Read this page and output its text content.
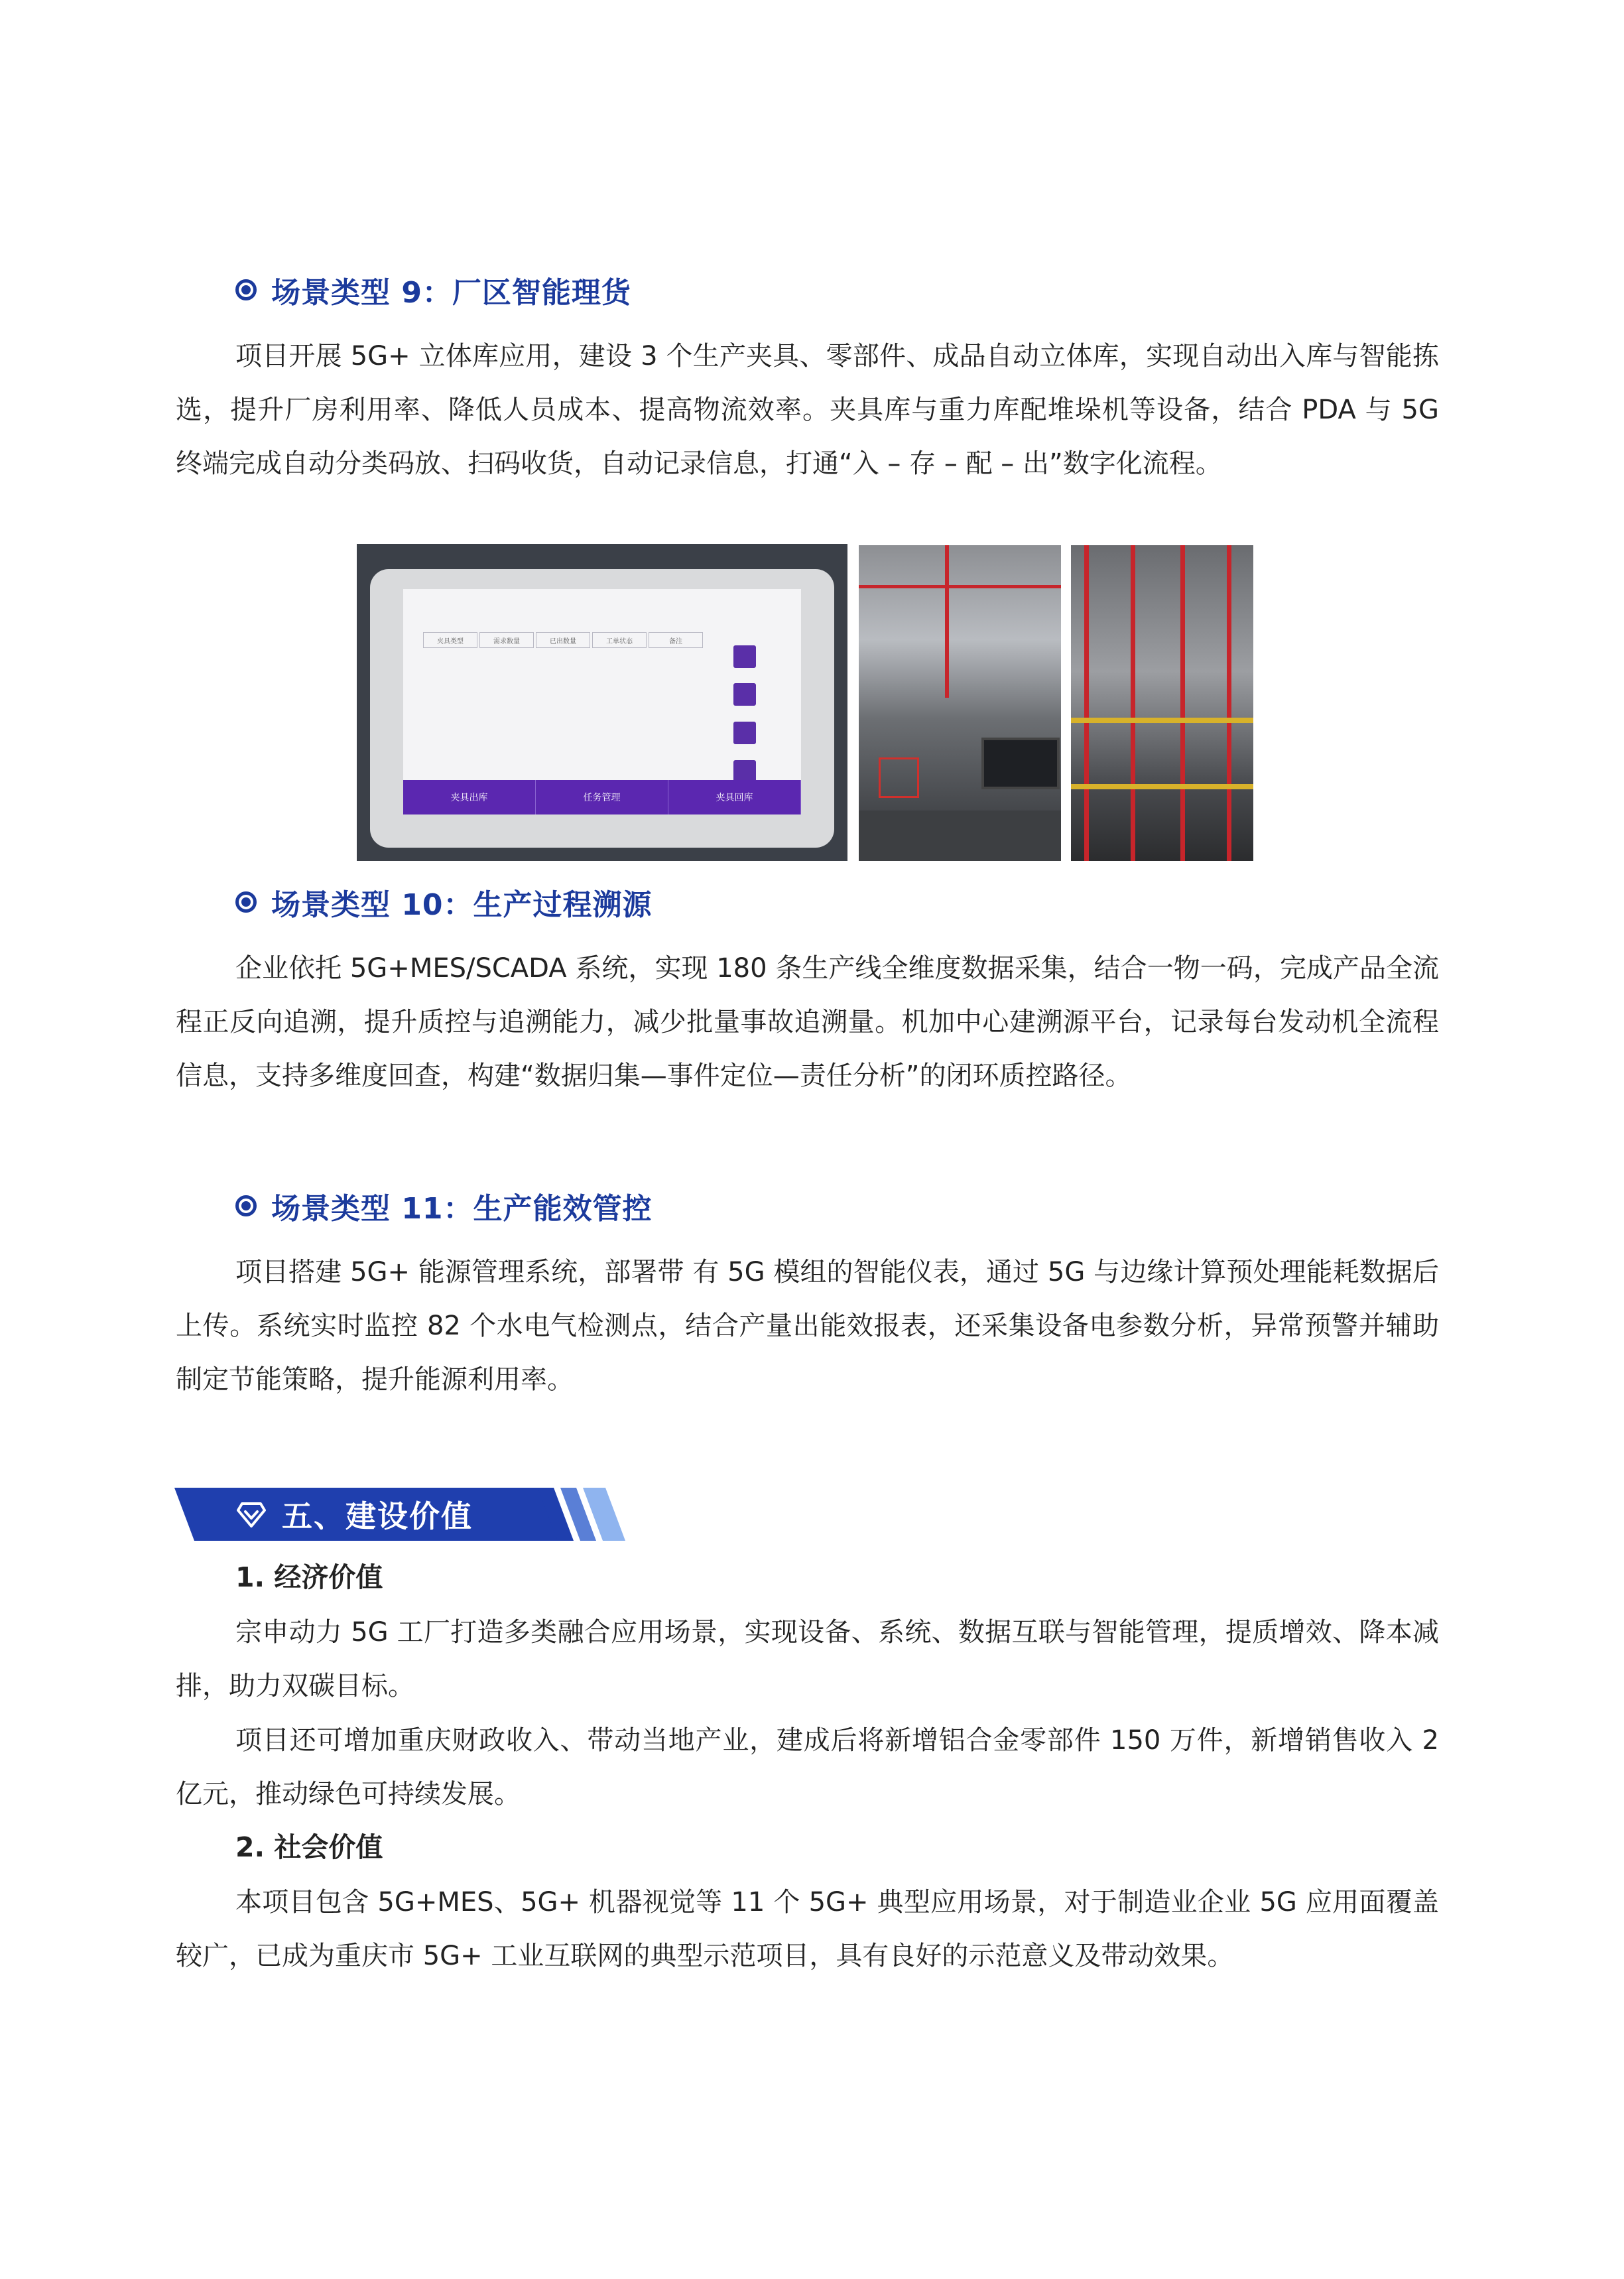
场景类型 9：厂区智能理货

项目开展 5G+ 立体库应用，建设 3 个生产夹具、零部件、成品自动立体库，实现自动出入库与智能拣选，提升厂房利用率、降低人员成本、提高物流效率。夹具库与重力库配堆垛机等设备，结合 PDA 与 5G 终端完成自动分类码放、扫码收货，自动记录信息，打通“入 – 存 – 配 – 出”数字化流程。

夹具类型	需求数量	已出数量	工单状态	备注
夹具出库	任务管理	夹具回库
场景类型 10：生产过程溯源

企业依托 5G+MES/SCADA 系统，实现 180 条生产线全维度数据采集，结合一物一码，完成产品全流程正反向追溯，提升质控与追溯能力，减少批量事故追溯量。机加中心建溯源平台，记录每台发动机全流程信息，支持多维度回查，构建“数据归集—事件定位—责任分析”的闭环质控路径。

场景类型 11：生产能效管控

项目搭建 5G+ 能源管理系统，部署带 有 5G 模组的智能仪表，通过 5G 与边缘计算预处理能耗数据后上传。系统实时监控 82 个水电气检测点，结合产量出能效报表，还采集设备电参数分析，异常预警并辅助制定节能策略，提升能源利用率。

五、建设价值
1. 经济价值

宗申动力 5G 工厂打造多类融合应用场景，实现设备、系统、数据互联与智能管理，提质增效、降本减排，助力双碳目标。

项目还可增加重庆财政收入、带动当地产业，建成后将新增铝合金零部件 150 万件，新增销售收入 2 亿元，推动绿色可持续发展。

2. 社会价值

本项目包含 5G+MES、5G+ 机器视觉等 11 个 5G+ 典型应用场景，对于制造业企业 5G 应用面覆盖较广，已成为重庆市 5G+ 工业互联网的典型示范项目，具有良好的示范意义及带动效果。
